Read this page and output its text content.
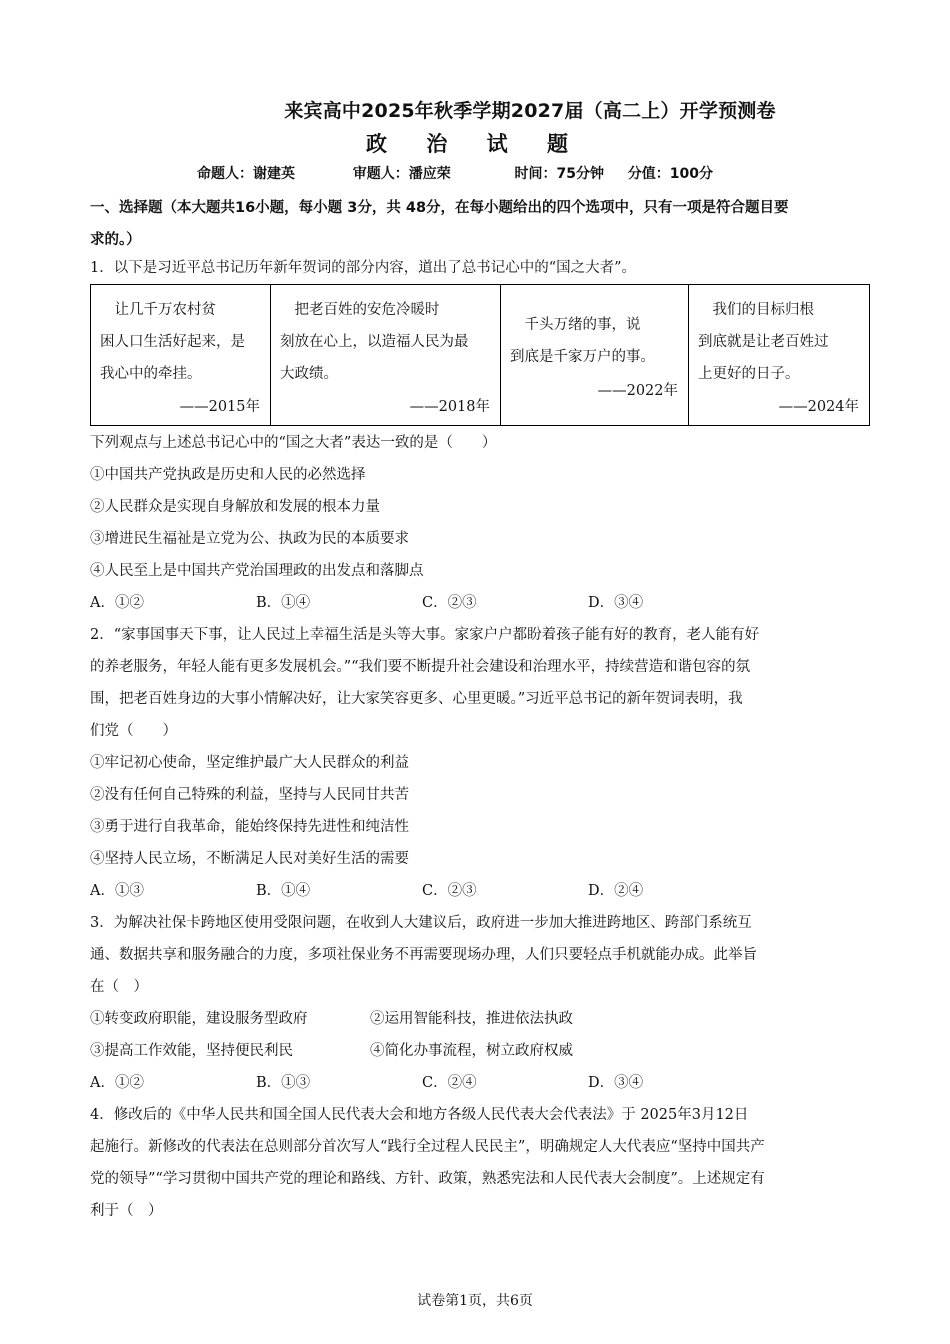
来宾高中2025年秋季学期2027届（高二上）开学预测卷
政 治 试 题
命题人：谢建英	审题人：潘应荣	时间：75分钟 分值：100分
一、选择题（本大题共16小题，每小题 3分，共 48分，在每小题给出的四个选项中，只有一项是符合题目要
求的。）
1．以下是习近平总书记历年新年贺词的部分内容，道出了总书记心中的“国之大者”。
　让几千万农村贫
困人口生活好起来，是
我心中的牵挂。
——2015年
　把老百姓的安危冷暖时
刻放在心上，以造福人民为最
大政绩。
——2018年
　千头万绪的事，说
到底是千家万户的事。
——2022年
　我们的目标归根
到底就是让老百姓过
上更好的日子。
——2024年
下列观点与上述总书记心中的“国之大者”表达一致的是（　　）
①中国共产党执政是历史和人民的必然选择
②人民群众是实现自身解放和发展的根本力量
③增进民生福祉是立党为公、执政为民的本质要求
④人民至上是中国共产党治国理政的出发点和落脚点
A．①②	B．①④	C．②③	D．③④
2．“家事国事天下事，让人民过上幸福生活是头等大事。家家户户都盼着孩子能有好的教育，老人能有好
的养老服务，年轻人能有更多发展机会。”“我们要不断提升社会建设和治理水平，持续营造和谐包容的氛
围，把老百姓身边的大事小情解决好，让大家笑容更多、心里更暖。”习近平总书记的新年贺词表明，我
们党（　　）
①牢记初心使命，坚定维护最广大人民群众的利益
②没有任何自己特殊的利益，坚持与人民同甘共苦
③勇于进行自我革命，能始终保持先进性和纯洁性
④坚持人民立场，不断满足人民对美好生活的需要
A．①③	B．①④	C．②③	D．②④
3．为解决社保卡跨地区使用受限问题，在收到人大建议后，政府进一步加大推进跨地区、跨部门系统互
通、数据共享和服务融合的力度，多项社保业务不再需要现场办理，人们只要轻点手机就能办成。此举旨
在（　）
①转变政府职能，建设服务型政府	②运用智能科技，推进依法执政
③提高工作效能，坚持便民利民	④简化办事流程，树立政府权威
A．①②	B．①③	C．②④	D．③④
4．修改后的《中华人民共和国全国人民代表大会和地方各级人民代表大会代表法》于 2025年3月12日
起施行。新修改的代表法在总则部分首次写人“践行全过程人民民主”，明确规定人大代表应“坚持中国共产
党的领导”“学习贯彻中国共产党的理论和路线、方针、政策，熟悉宪法和人民代表大会制度”。上述规定有
利于（　）
试卷第1页，共6页
